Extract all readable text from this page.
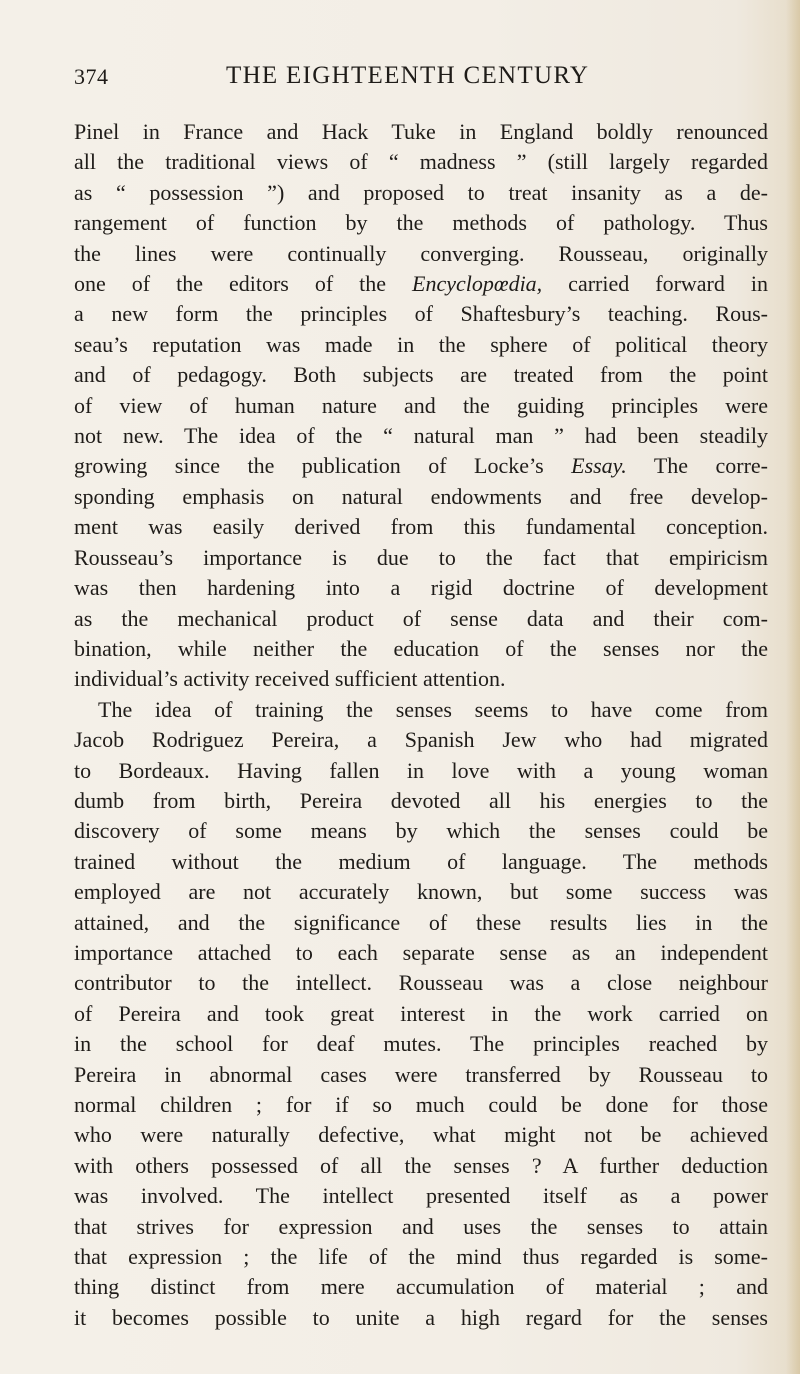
374	THE EIGHTEENTH CENTURY
Pinel in France and Hack Tuke in England boldly renounced
all the traditional views of “ madness ” (still largely regarded
as “ possession ”) and proposed to treat insanity as a de-
rangement of function by the methods of pathology. Thus
the lines were continually converging. Rousseau, originally
one of the editors of the Encyclopœdia, carried forward in
a new form the principles of Shaftesbury’s teaching. Rous-
seau’s reputation was made in the sphere of political theory
and of pedagogy. Both subjects are treated from the point
of view of human nature and the guiding principles were
not new. The idea of the “ natural man ” had been steadily
growing since the publication of Locke’s Essay. The corre-
sponding emphasis on natural endowments and free develop-
ment was easily derived from this fundamental conception.
Rousseau’s importance is due to the fact that empiricism
was then hardening into a rigid doctrine of development
as the mechanical product of sense data and their com-
bination, while neither the education of the senses nor the
individual’s activity received sufficient attention.
The idea of training the senses seems to have come from
Jacob Rodriguez Pereira, a Spanish Jew who had migrated
to Bordeaux. Having fallen in love with a young woman
dumb from birth, Pereira devoted all his energies to the
discovery of some means by which the senses could be
trained without the medium of language. The methods
employed are not accurately known, but some success was
attained, and the significance of these results lies in the
importance attached to each separate sense as an independent
contributor to the intellect. Rousseau was a close neighbour
of Pereira and took great interest in the work carried on
in the school for deaf mutes. The principles reached by
Pereira in abnormal cases were transferred by Rousseau to
normal children ; for if so much could be done for those
who were naturally defective, what might not be achieved
with others possessed of all the senses ? A further deduction
was involved. The intellect presented itself as a power
that strives for expression and uses the senses to attain
that expression ; the life of the mind thus regarded is some-
thing distinct from mere accumulation of material ; and
it becomes possible to unite a high regard for the senses
